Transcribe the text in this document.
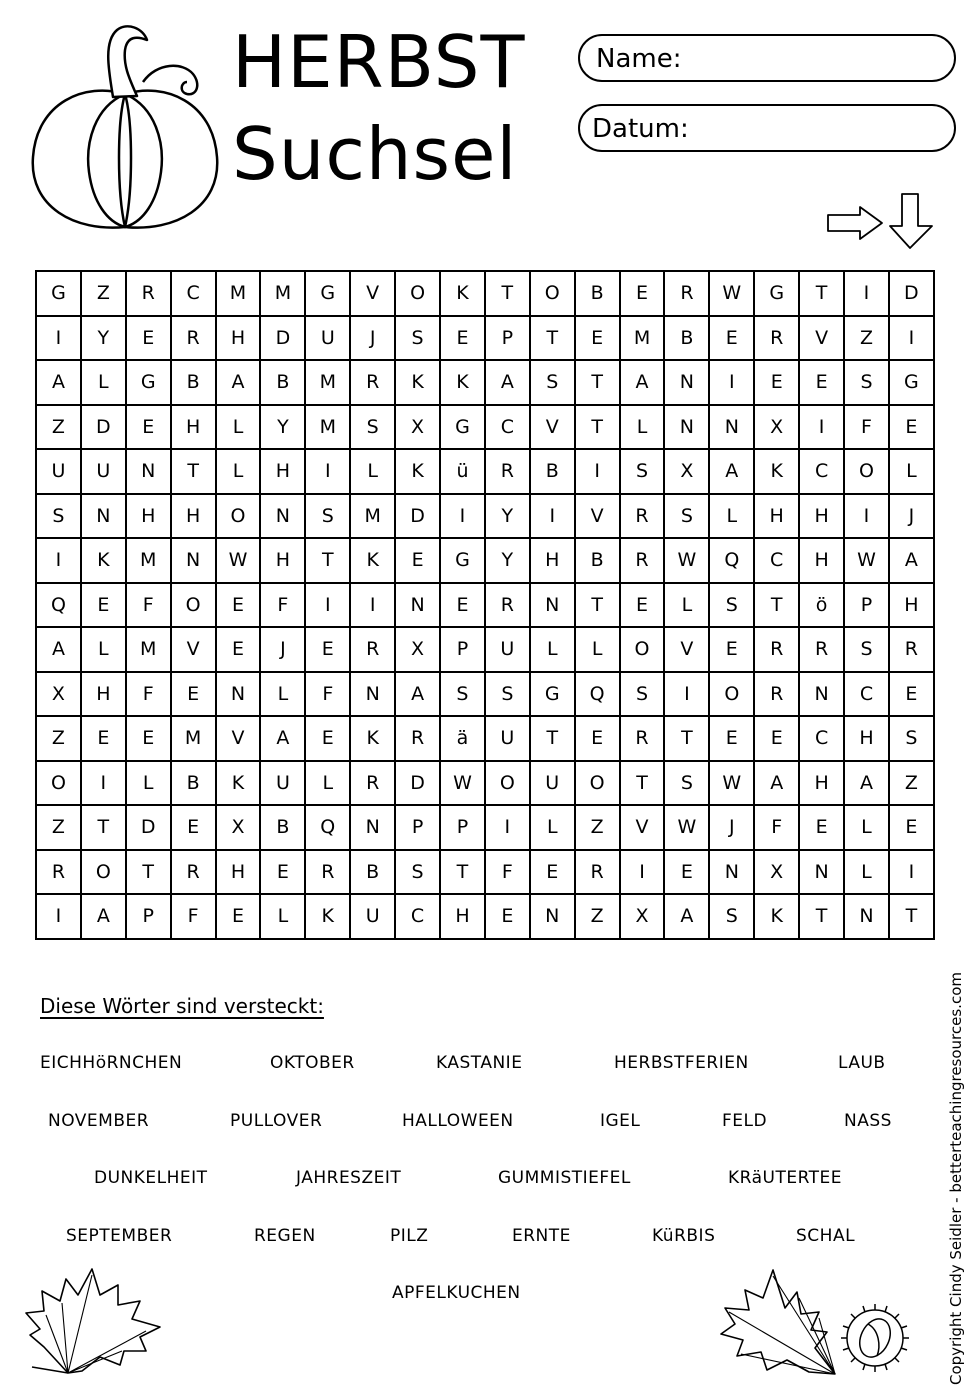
HERBST
Suchsel
Name:
Datum:
G	Z	R	C	M	M	G	V	O	K	T	O	B	E	R	W	G	T	I	D
I	Y	E	R	H	D	U	J	S	E	P	T	E	M	B	E	R	V	Z	I
A	L	G	B	A	B	M	R	K	K	A	S	T	A	N	I	E	E	S	G
Z	D	E	H	L	Y	M	S	X	G	C	V	T	L	N	N	X	I	F	E
U	U	N	T	L	H	I	L	K	ü	R	B	I	S	X	A	K	C	O	L
S	N	H	H	O	N	S	M	D	I	Y	I	V	R	S	L	H	H	I	J
I	K	M	N	W	H	T	K	E	G	Y	H	B	R	W	Q	C	H	W	A
Q	E	F	O	E	F	I	I	N	E	R	N	T	E	L	S	T	ö	P	H
A	L	M	V	E	J	E	R	X	P	U	L	L	O	V	E	R	R	S	R
X	H	F	E	N	L	F	N	A	S	S	G	Q	S	I	O	R	N	C	E
Z	E	E	M	V	A	E	K	R	ä	U	T	E	R	T	E	E	C	H	S
O	I	L	B	K	U	L	R	D	W	O	U	O	T	S	W	A	H	A	Z
Z	T	D	E	X	B	Q	N	P	P	I	L	Z	V	W	J	F	E	L	E
R	O	T	R	H	E	R	B	S	T	F	E	R	I	E	N	X	N	L	I
I	A	P	F	E	L	K	U	C	H	E	N	Z	X	A	S	K	T	N	T
Diese Wörter sind versteckt:
EICHHöRNCHEN	OKTOBER	KASTANIE	HERBSTFERIEN	LAUB
NOVEMBER	PULLOVER	HALLOWEEN	IGEL	FELD	NASS
DUNKELHEIT	JAHRESZEIT	GUMMISTIEFEL	KRäUTERTEE
SEPTEMBER	REGEN	PILZ	ERNTE	KüRBIS	SCHAL
APFELKUCHEN	Copyright Cindy Seidler - betterteachingresources.com
